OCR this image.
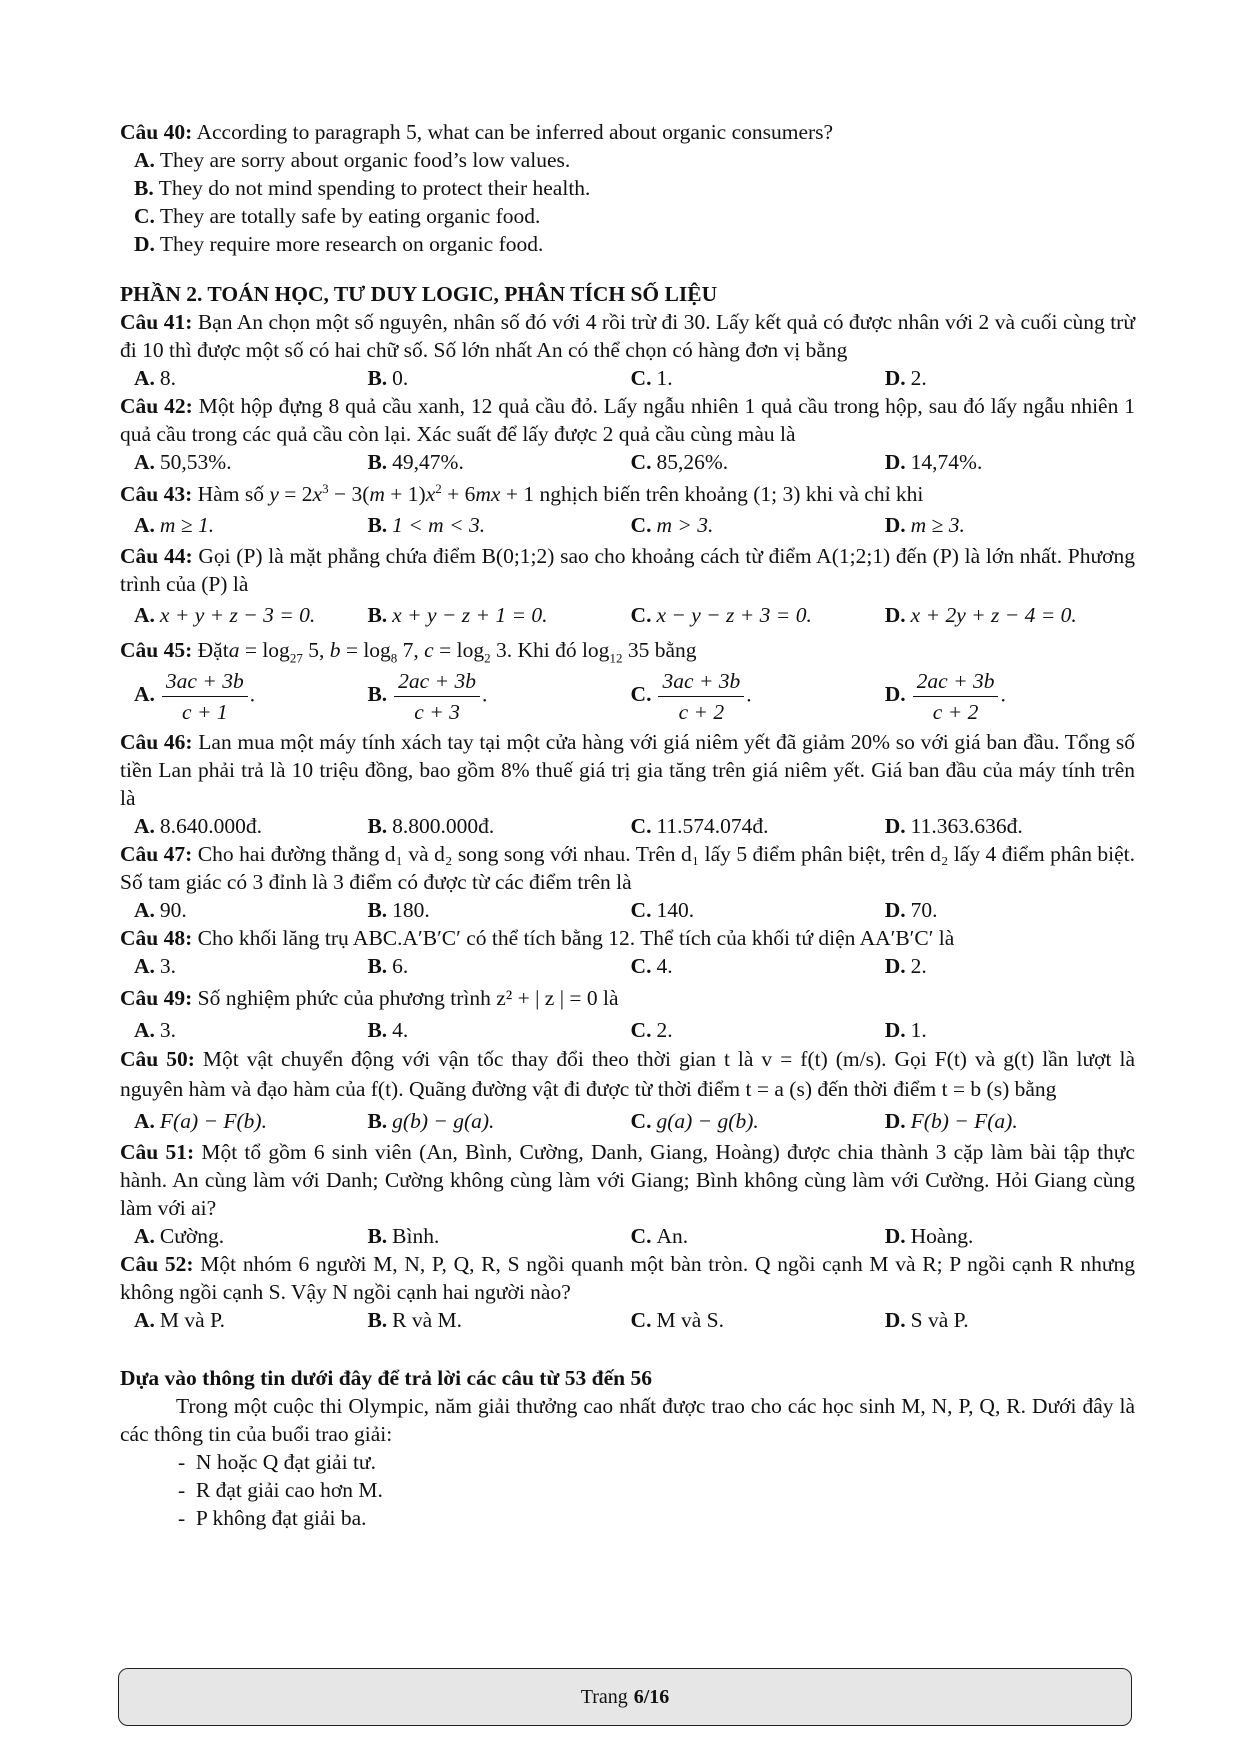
Câu 40: According to paragraph 5, what can be inferred about organic consumers?
A. They are sorry about organic food’s low values.
B. They do not mind spending to protect their health.
C. They are totally safe by eating organic food.
D. They require more research on organic food.
PHẦN 2. TOÁN HỌC, TƯ DUY LOGIC, PHÂN TÍCH SỐ LIỆU
Câu 41: Bạn An chọn một số nguyên, nhân số đó với 4 rồi trừ đi 30. Lấy kết quả có được nhân với 2 và cuối cùng trừ đi 10 thì được một số có hai chữ số. Số lớn nhất An có thể chọn có hàng đơn vị bằng
A. 8.	B. 0.	C. 1.	D. 2.
Câu 42: Một hộp đựng 8 quả cầu xanh, 12 quả cầu đỏ. Lấy ngẫu nhiên 1 quả cầu trong hộp, sau đó lấy ngẫu nhiên 1 quả cầu trong các quả cầu còn lại. Xác suất để lấy được 2 quả cầu cùng màu là
A. 50,53%.	B. 49,47%.	C. 85,26%.	D. 14,74%.
Câu 43: Hàm số $y = 2x^3 - 3(m + 1)x^2 + 6mx + 1$ nghịch biến trên khoảng (1; 3) khi và chỉ khi
A. m ≥ 1.	B. 1 < m < 3.	C. m > 3.	D. m ≥ 3.
Câu 44: Gọi (P) là mặt phẳng chứa điểm B(0;1;2) sao cho khoảng cách từ điểm A(1;2;1) đến (P) là lớn nhất. Phương trình của (P) là
A. x + y + z − 3 = 0.	B. x + y − z + 1 = 0.	C. x − y − z + 3 = 0.	D. x + 2y + z − 4 = 0.
Câu 45: Đặta = $\log_{27} 5$, $b = \log_8 7$, $c = \log_2 3$. Khi đó $\log_{12} 35$ bằng
A. $\frac{3ac + 3b}{c + 1}$ .	B. $\frac{2ac + 3b}{c + 3}$ .	C. $\frac{3ac + 3b}{c + 2}$ .	D. $\frac{2ac + 3b}{c + 2}$ .
Câu 46: Lan mua một máy tính xách tay tại một cửa hàng với giá niêm yết đã giảm 20% so với giá ban đầu. Tổng số tiền Lan phải trả là 10 triệu đồng, bao gồm 8% thuế giá trị gia tăng trên giá niêm yết. Giá ban đầu của máy tính trên là
A. 8.640.000đ.	B. 8.800.000đ.	C. 11.574.074đ.	D. 11.363.636đ.
Câu 47: Cho hai đường thẳng d₁ và d₂ song song với nhau. Trên d₁ lấy 5 điểm phân biệt, trên d₂ lấy 4 điểm phân biệt. Số tam giác có 3 đỉnh là 3 điểm có được từ các điểm trên là
A. 90.	B. 180.	C. 140.	D. 70.
Câu 48: Cho khối lăng trụ ABC.A′B′C′ có thể tích bằng 12. Thể tích của khối tứ diện AA′B′C′ là
A. 3.	B. 6.	C. 4.	D. 2.
Câu 49: Số nghiệm phức của phương trình z² + | z | = 0 là
A. 3.	B. 4.	C. 2.	D. 1.
Câu 50: Một vật chuyển động với vận tốc thay đổi theo thời gian t là v = f(t) (m/s). Gọi F(t) và g(t) lần lượt là nguyên hàm và đạo hàm của f(t). Quãng đường vật đi được từ thời điểm t = a (s) đến thời điểm t = b (s) bằng
A. F(a) − F(b).	B. g(b) − g(a).	C. g(a) − g(b).	D. F(b) − F(a).
Câu 51: Một tổ gồm 6 sinh viên (An, Bình, Cường, Danh, Giang, Hoàng) được chia thành 3 cặp làm bài tập thực hành. An cùng làm với Danh; Cường không cùng làm với Giang; Bình không cùng làm với Cường. Hỏi Giang cùng làm với ai?
A. Cường.	B. Bình.	C. An.	D. Hoàng.
Câu 52: Một nhóm 6 người M, N, P, Q, R, S ngồi quanh một bàn tròn. Q ngồi cạnh M và R; P ngồi cạnh R nhưng không ngồi cạnh S. Vậy N ngồi cạnh hai người nào?
A. M và P.	B. R và M.	C. M và S.	D. S và P.
Dựa vào thông tin dưới đây để trả lời các câu từ 53 đến 56
Trong một cuộc thi Olympic, năm giải thưởng cao nhất được trao cho các học sinh M, N, P, Q, R. Dưới đây là các thông tin của buổi trao giải:
- N hoặc Q đạt giải tư.
- R đạt giải cao hơn M.
- P không đạt giải ba.
Trang 6/16
